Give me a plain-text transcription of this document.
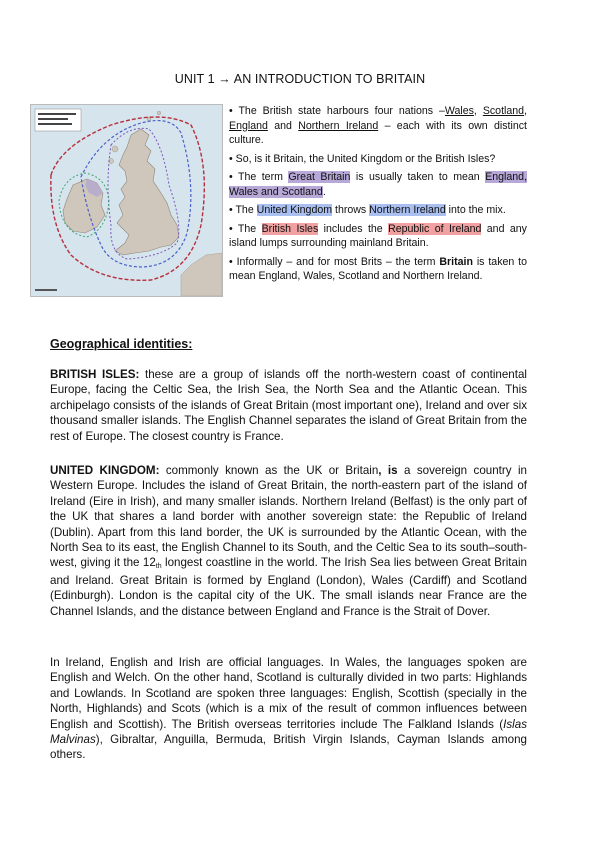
UNIT 1 → AN INTRODUCTION TO BRITAIN

• The British state harbours four nations –Wales, Scotland, England and Northern Ireland – each with its own distinct culture.

• So, is it Britain, the United Kingdom or the British Isles?

• The term Great Britain is usually taken to mean England, Wales and Scotland.

• The United Kingdom throws Northern Ireland into the mix.

• The British Isles includes the Republic of Ireland and any island lumps surrounding mainland Britain.

• Informally – and for most Brits – the term Britain is taken to mean England, Wales, Scotland and Northern Ireland.

Geographical identities:

BRITISH ISLES: these are a group of islands off the north-western coast of continental Europe, facing the Celtic Sea, the Irish Sea, the North Sea and the Atlantic Ocean. This archipelago consists of the islands of Great Britain (most important one), Ireland and over six thousand smaller islands. The English Channel separates the island of Great Britain from the rest of Europe. The closest country is France.

UNITED KINGDOM: commonly known as the UK or Britain, is a sovereign country in Western Europe. Includes the island of Great Britain, the north-eastern part of the island of Ireland (Eire in Irish), and many smaller islands. Northern Ireland (Belfast) is the only part of the UK that shares a land border with another sovereign state: the Republic of Ireland (Dublin). Apart from this land border, the UK is surrounded by the Atlantic Ocean, with the North Sea to its east, the English Channel to its South, and the Celtic Sea to its south–south-west, giving it the 12th longest coastline in the world. The Irish Sea lies between Great Britain and Ireland. Great Britain is formed by England (London), Wales (Cardiff) and Scotland (Edinburgh). London is the capital city of the UK. The small islands near France are the Channel Islands, and the distance between England and France is the Strait of Dover.

In Ireland, English and Irish are official languages. In Wales, the languages spoken are English and Welch. On the other hand, Scotland is culturally divided in two parts: Highlands and Lowlands. In Scotland are spoken three languages: English, Scottish (specially in the North, Highlands) and Scots (which is a mix of the result of common influences between English and Scottish). The British overseas territories include The Falkland Islands (Islas Malvinas), Gibraltar, Anguilla, Bermuda, British Virgin Islands, Cayman Islands among others.
